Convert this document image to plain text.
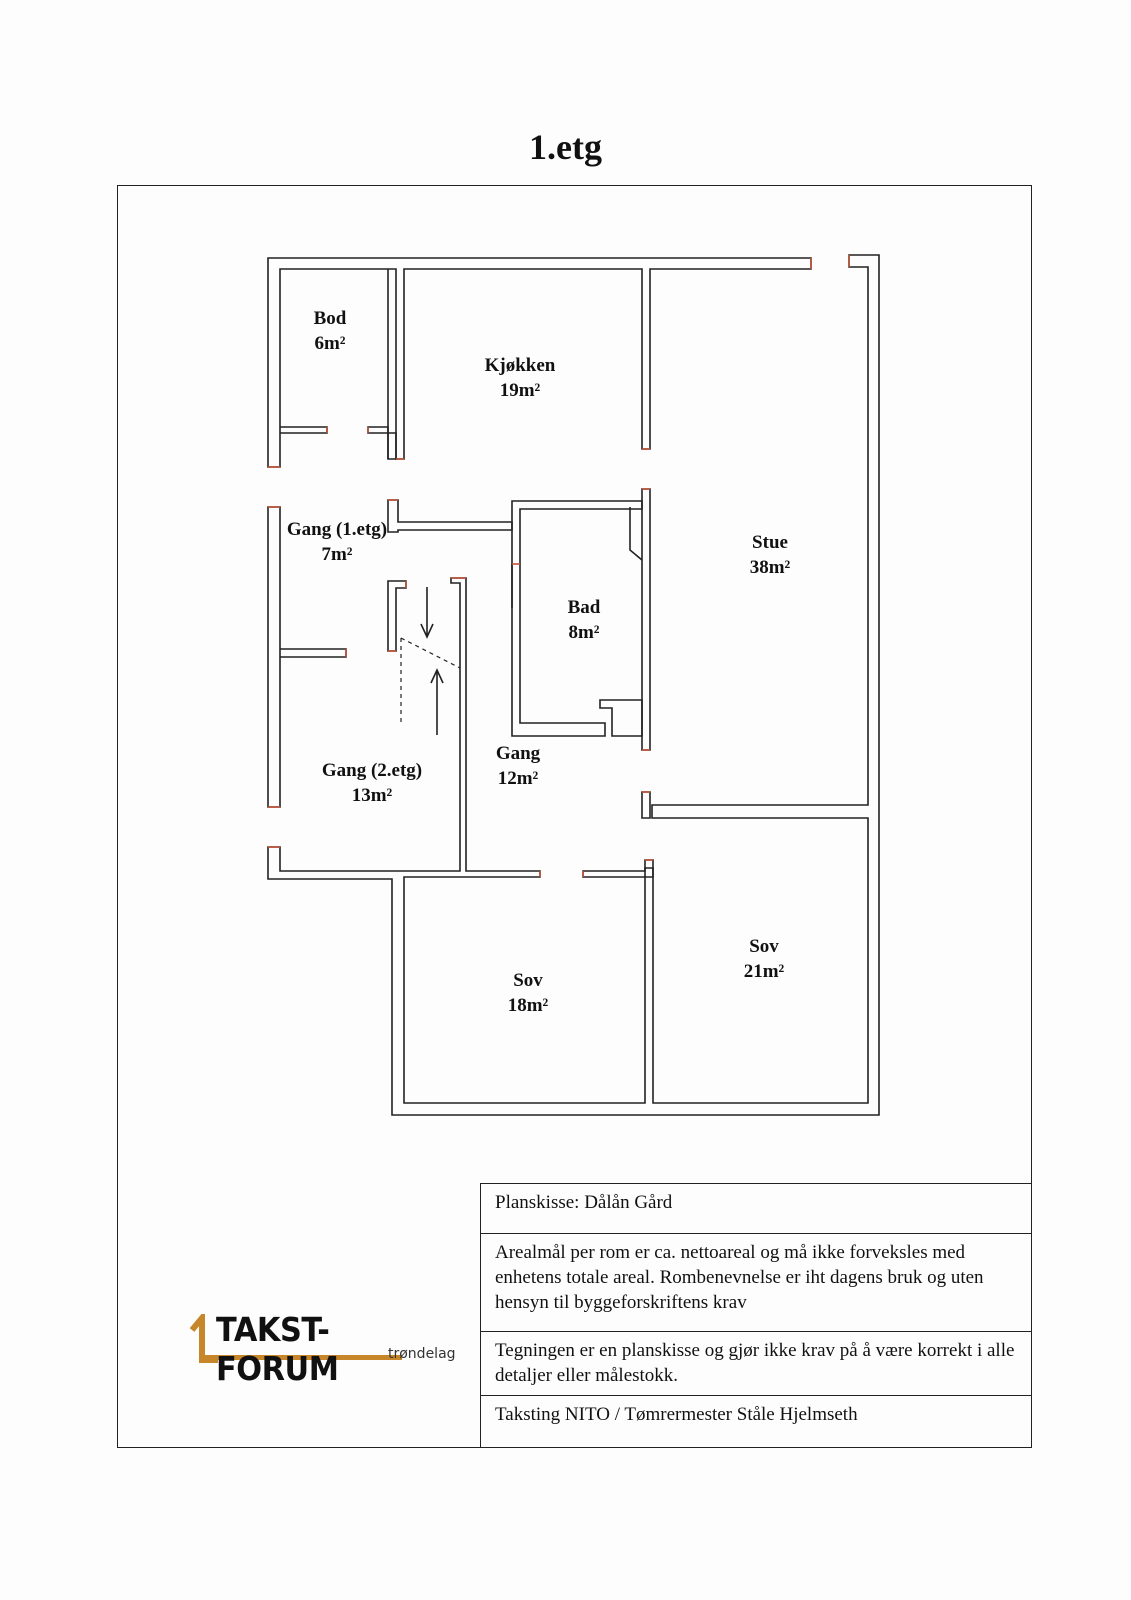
1.etg
Bod
6m²
Kjøkken
19m²
Stue
38m²
Gang (1.etg)
7m²
Bad
8m²
Gang (2.etg)
13m²
Gang
12m²
Sov
18m²
Sov
21m²
TAKST-FORUM	trøndelag
Planskisse: Dålån Gård
Arealmål per rom er ca. nettoareal og må ikke forveksles med enhetens totale areal. Rombenevnelse er iht dagens bruk og uten hensyn til byggeforskriftens krav
Tegningen er en planskisse og gjør ikke krav på å være korrekt i alle detaljer eller målestokk.
Taksting NITO / Tømrermester Ståle Hjelmseth
